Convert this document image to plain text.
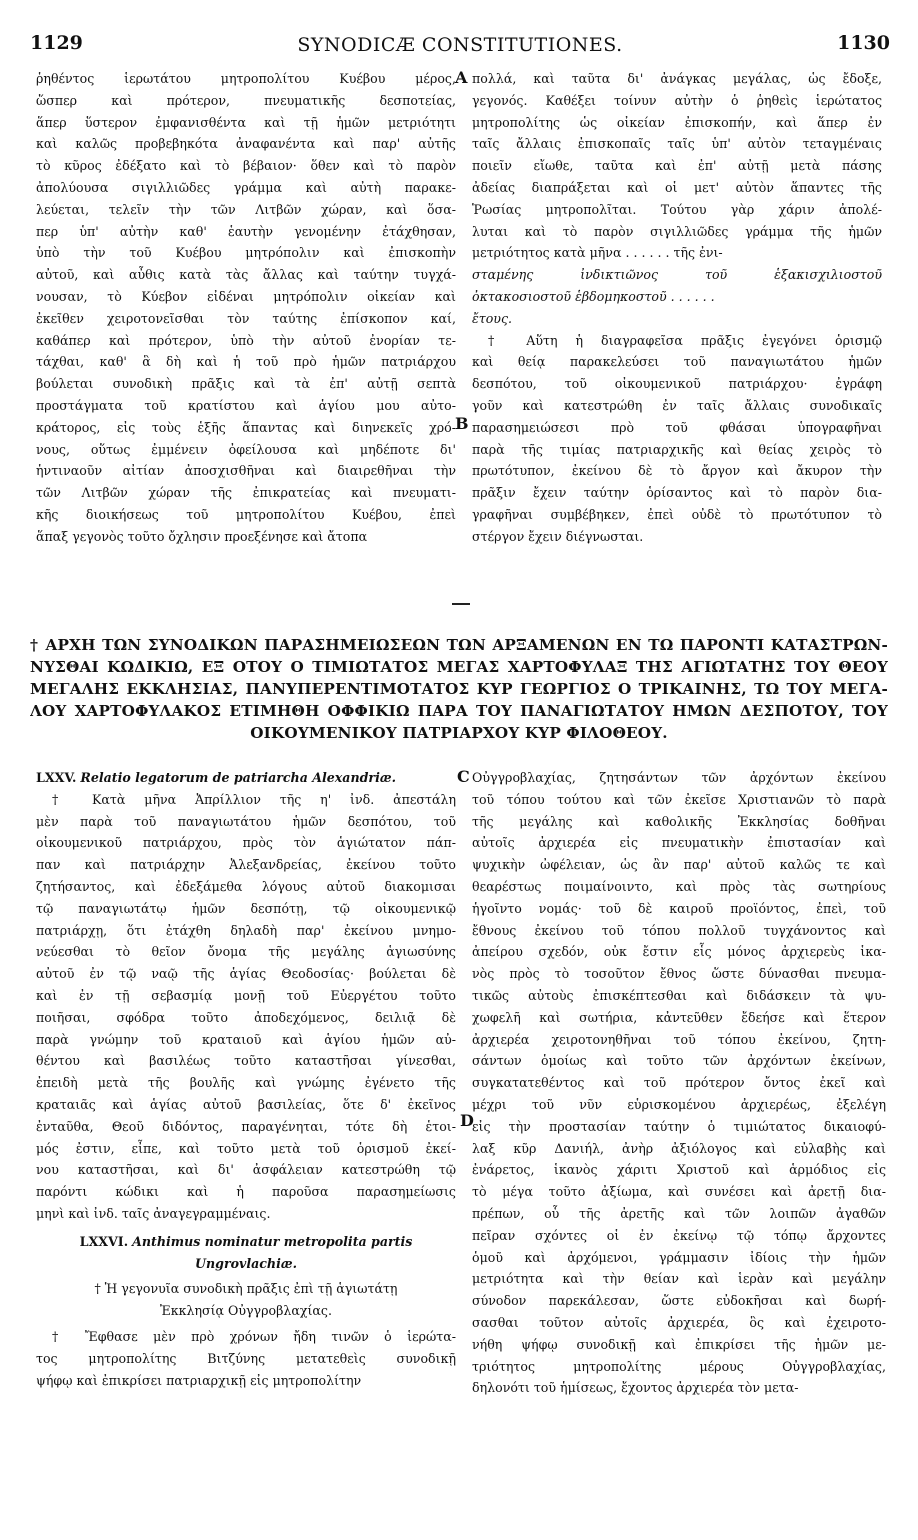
1129	SYNODICÆ CONSTITUTIONES.	1130
A
B
C
D

ῥηθέντος ἱερωτάτου μητροπολίτου Κυέβου μέρος,

ὥσπερ καὶ πρότερον, πνευματικῆς δεσποτείας,

ἅπερ ὕστερον ἐμφανισθέντα καὶ τῇ ἡμῶν μετριότητι

καὶ καλῶς προβεβηκότα ἀναφανέντα καὶ παρ' αὐτῆς

τὸ κῦρος ἐδέξατο καὶ τὸ βέβαιον· ὅθεν καὶ τὸ παρὸν

ἀπολύουσα σιγιλλιῶδες γράμμα καὶ αὐτὴ παρακε-

λεύεται, τελεῖν τὴν τῶν Λιτβῶν χώραν, καὶ ὅσα-

περ ὑπ' αὐτὴν καθ' ἑαυτὴν γενομένην ἐτάχθησαν,

ὑπὸ τὴν τοῦ Κυέβου μητρόπολιν καὶ ἐπισκοπὴν

αὐτοῦ, καὶ αὖθις κατὰ τὰς ἄλλας καὶ ταύτην τυγχά-

νουσαν, τὸ Κύεβον εἰδέναι μητρόπολιν οἰκείαν καὶ

ἐκεῖθεν χειροτονεῖσθαι τὸν ταύτης ἐπίσκοπον καί,

καθάπερ καὶ πρότερον, ὑπὸ τὴν αὐτοῦ ἐνορίαν τε-

τάχθαι, καθ' ἃ δὴ καὶ ἡ τοῦ πρὸ ἡμῶν πατριάρχου

βούλεται συνοδικὴ πρᾶξις καὶ τὰ ἐπ' αὐτῇ σεπτὰ

προστάγματα τοῦ κρατίστου καὶ ἁγίου μου αὐτο-

κράτορος, εἰς τοὺς ἑξῆς ἅπαντας καὶ διηνεκεῖς χρό-

νους, οὕτως ἐμμένειν ὀφείλουσα καὶ μηδέποτε δι'

ἡντιναοῦν αἰτίαν ἀποσχισθῆναι καὶ διαιρεθῆναι τὴν

τῶν Λιτβῶν χώραν τῆς ἐπικρατείας καὶ πνευματι-

κῆς διοικήσεως τοῦ μητροπολίτου Κυέβου, ἐπεὶ

ἅπαξ γεγονὸς τοῦτο ὄχλησιν προεξένησε καὶ ἄτοπα

πολλά, καὶ ταῦτα δι' ἀνάγκας μεγάλας, ὡς ἔδοξε,

γεγονός. Καθέξει τοίνυν αὐτὴν ὁ ῥηθεὶς ἱερώτατος

μητροπολίτης ὡς οἰκείαν ἐπισκοπήν, καὶ ἅπερ ἐν

ταῖς ἄλλαις ἐπισκοπαῖς ταῖς ὑπ' αὐτὸν τεταγμέναις

ποιεῖν εἴωθε, ταῦτα καὶ ἐπ' αὐτῇ μετὰ πάσης

ἀδείας διαπράξεται καὶ οἱ μετ' αὐτὸν ἅπαντες τῆς

Ῥωσίας μητροπολῖται. Τούτου γὰρ χάριν ἀπολέ-

λυται καὶ τὸ παρὸν σιγιλλιῶδες γράμμα τῆς ἡμῶν

μετριότητος κατὰ μῆνα . . . . . . τῆς ἐνι-

σταμένης ἰνδικτιῶνος τοῦ ἑξακισχιλιοστοῦ

ὀκτακοσιοστοῦ ἑβδομηκοστοῦ . . . . . .

ἔτους.

† Αὕτη ἡ διαγραφεῖσα πρᾶξις ἐγεγόνει ὁρισμῷ

καὶ θείᾳ παρακελεύσει τοῦ παναγιωτάτου ἡμῶν

δεσπότου, τοῦ οἰκουμενικοῦ πατριάρχου· ἐγράφη

γοῦν καὶ κατεστρώθη ἐν ταῖς ἄλλαις συνοδικαῖς

παρασημειώσεσι πρὸ τοῦ φθάσαι ὑπογραφῆναι

παρὰ τῆς τιμίας πατριαρχικῆς καὶ θείας χειρὸς τὸ

πρωτότυπον, ἐκείνου δὲ τὸ ἄργον καὶ ἄκυρον τὴν

πρᾶξιν ἔχειν ταύτην ὁρίσαντος καὶ τὸ παρὸν δια-

γραφῆναι συμβέβηκεν, ἐπεὶ οὐδὲ τὸ πρωτότυπον τὸ

στέργον ἔχειν διέγνωσται.

† ΑΡΧΗ ΤΩΝ ΣΥΝΟΔΙΚΩΝ ΠΑΡΑΣΗΜΕΙΩΣΕΩΝ ΤΩΝ ΑΡΞΑΜΕΝΩΝ ΕΝ ΤΩ ΠΑΡΟΝΤΙ ΚΑΤΑΣΤΡΩΝ-

ΝΥΣΘΑΙ ΚΩΔΙΚΙΩ, ΕΞ ΟΤΟΥ Ο ΤΙΜΙΩΤΑΤΟΣ ΜΕΓΑΣ ΧΑΡΤΟΦΥΛΑΞ ΤΗΣ ΑΓΙΩΤΑΤΗΣ ΤΟΥ ΘΕΟΥ

ΜΕΓΑΛΗΣ ΕΚΚΛΗΣΙΑΣ, ΠΑΝΥΠΕΡΕΝΤΙΜΟΤΑΤΟΣ ΚΥΡ ΓΕΩΡΓΙΟΣ Ο ΤΡΙΚΑΙΝΗΣ, ΤΩ ΤΟΥ ΜΕΓΑ-

ΛΟΥ ΧΑΡΤΟΦΥΛΑΚΟΣ ΕΤΙΜΗΘΗ ΟΦΦΙΚΙΩ ΠΑΡΑ ΤΟΥ ΠΑΝΑΓΙΩΤΑΤΟΥ ΗΜΩΝ ΔΕΣΠΟΤΟΥ, ΤΟΥ

ΟΙΚΟΥΜΕΝΙΚΟΥ ΠΑΤΡΙΑΡΧΟΥ ΚΥΡ ΦΙΛΟΘΕΟΥ.

LXXV. Relatio legatorum de patriarcha Alexandriæ.

† Κατὰ μῆνα Ἀπρίλλιον τῆς η' ἰνδ. ἀπεστάλη

μὲν παρὰ τοῦ παναγιωτάτου ἡμῶν δεσπότου, τοῦ

οἰκουμενικοῦ πατριάρχου, πρὸς τὸν ἁγιώτατον πάπ-

παν καὶ πατριάρχην Ἀλεξανδρείας, ἐκείνου τοῦτο

ζητήσαντος, καὶ ἐδεξάμεθα λόγους αὐτοῦ διακομισαι

τῷ παναγιωτάτῳ ἡμῶν δεσπότῃ, τῷ οἰκουμενικῷ

πατριάρχῃ, ὅτι ἐτάχθη δηλαδὴ παρ' ἐκείνου μνημο-

νεύεσθαι τὸ θεῖον ὄνομα τῆς μεγάλης ἁγιωσύνης

αὐτοῦ ἐν τῷ ναῷ τῆς ἁγίας Θεοδοσίας· βούλεται δὲ

καὶ ἐν τῇ σεβασμίᾳ μονῇ τοῦ Εὐεργέτου τοῦτο

ποιῆσαι, σφόδρα τοῦτο ἀποδεχόμενος, δειλιᾷ δὲ

παρὰ γνώμην τοῦ κραταιοῦ καὶ ἁγίου ἡμῶν αὐ-

θέντου καὶ βασιλέως τοῦτο καταστῆσαι γίνεσθαι,

ἐπειδὴ μετὰ τῆς βουλῆς καὶ γνώμης ἐγένετο τῆς

κραταιᾶς καὶ ἁγίας αὐτοῦ βασιλείας, ὅτε δ' ἐκεῖνος

ἐνταῦθα, Θεοῦ διδόντος, παραγένηται, τότε δὴ ἑτοι-

μός ἐστιν, εἶπε, καὶ τοῦτο μετὰ τοῦ ὁρισμοῦ ἐκεί-

νου καταστῆσαι, καὶ δι' ἀσφάλειαν κατεστρώθη τῷ

παρόντι κώδικι καὶ ἡ παροῦσα παρασημείωσις

μηνὶ καὶ ἰνδ. ταῖς ἀναγεγραμμέναις.

LXXVI. Anthimus nominatur metropolita partis

Ungrovlachiæ.

† Ἡ γεγονυῖα συνοδικὴ πρᾶξις ἐπὶ τῇ ἁγιωτάτῃ

Ἐκκλησίᾳ Οὐγγροβλαχίας.

† Ἔφθασε μὲν πρὸ χρόνων ἤδη τινῶν ὁ ἱερώτα-

τος μητροπολίτης Βιτζύνης μετατεθεὶς συνοδικῇ

ψήφῳ καὶ ἐπικρίσει πατριαρχικῇ εἰς μητροπολίτην

Οὐγγροβλαχίας, ζητησάντων τῶν ἀρχόντων ἐκείνου

τοῦ τόπου τούτου καὶ τῶν ἐκεῖσε Χριστιανῶν τὸ παρὰ

τῆς μεγάλης καὶ καθολικῆς Ἐκκλησίας δοθῆναι

αὐτοῖς ἀρχιερέα εἰς πνευματικὴν ἐπιστασίαν καὶ

ψυχικὴν ὠφέλειαν, ὡς ἂν παρ' αὐτοῦ καλῶς τε καὶ

θεαρέστως ποιμαίνοιντο, καὶ πρὸς τὰς σωτηρίους

ἡγοῖντο νομάς· τοῦ δὲ καιροῦ προϊόντος, ἐπεὶ, τοῦ

ἔθνους ἐκείνου τοῦ τόπου πολλοῦ τυγχάνοντος καὶ

ἀπείρου σχεδόν, οὐκ ἔστιν εἷς μόνος ἀρχιερεὺς ἱκα-

νὸς πρὸς τὸ τοσοῦτον ἔθνος ὥστε δύνασθαι πνευμα-

τικῶς αὐτοὺς ἐπισκέπτεσθαι καὶ διδάσκειν τὰ ψυ-

χωφελῆ καὶ σωτήρια, κἀντεῦθεν ἔδεήσε καὶ ἕτερον

ἀρχιερέα χειροτονηθῆναι τοῦ τόπου ἐκείνου, ζητη-

σάντων ὁμοίως καὶ τοῦτο τῶν ἀρχόντων ἐκείνων,

συγκατατεθέντος καὶ τοῦ πρότερον ὄντος ἐκεῖ καὶ

μέχρι τοῦ νῦν εὑρισκομένου ἀρχιερέως, ἐξελέγη

εἰς τὴν προστασίαν ταύτην ὁ τιμιώτατος δικαιοφύ-

λαξ κῦρ Δανιήλ, ἀνὴρ ἀξιόλογος καὶ εὐλαβὴς καὶ

ἐνάρετος, ἱκανὸς χάριτι Χριστοῦ καὶ ἁρμόδιος εἰς

τὸ μέγα τοῦτο ἀξίωμα, καὶ συνέσει καὶ ἀρετῇ δια-

πρέπων, οὗ τῆς ἀρετῆς καὶ τῶν λοιπῶν ἀγαθῶν

πεῖραν σχόντες οἱ ἐν ἐκείνῳ τῷ τόπῳ ἄρχοντες

ὁμοῦ καὶ ἀρχόμενοι, γράμμασιν ἰδίοις τὴν ἡμῶν

μετριότητα καὶ τὴν θείαν καὶ ἱερὰν καὶ μεγάλην

σύνοδον παρεκάλεσαν, ὥστε εὐδοκῆσαι καὶ δωρή-

σασθαι τοῦτον αὐτοῖς ἀρχιερέα, ὃς καὶ ἐχειροτο-

νήθη ψήφῳ συνοδικῇ καὶ ἐπικρίσει τῆς ἡμῶν με-

τριότητος μητροπολίτης μέρους Οὐγγροβλαχίας,

δηλονότι τοῦ ἡμίσεως, ἔχοντος ἀρχιερέα τὸν μετα-
